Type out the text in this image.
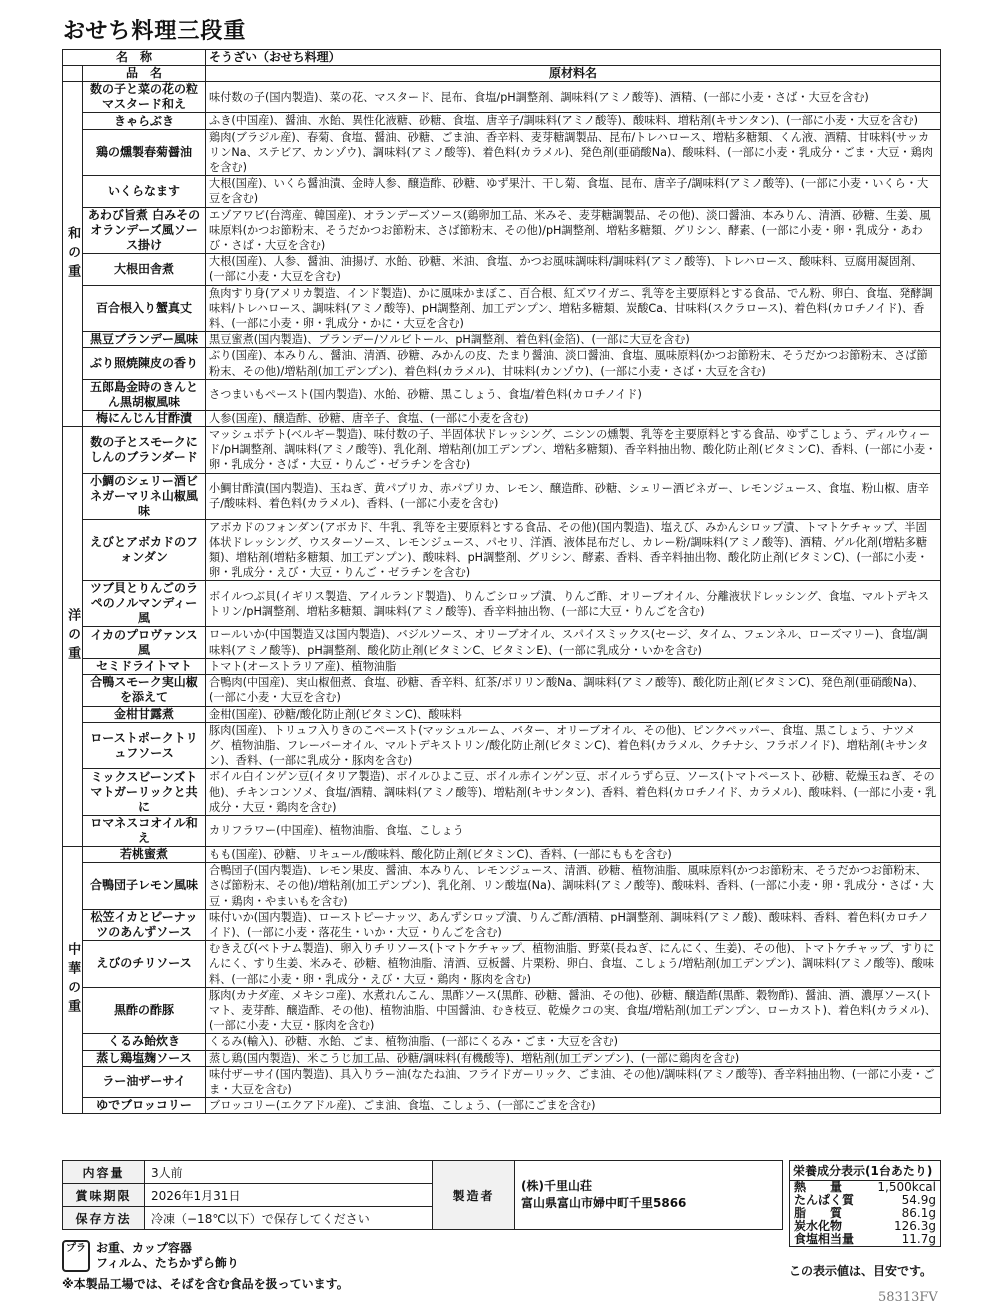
おせち料理三段重
名　称		そうざい（おせち料理）
	品　名	原材料名

和の重	数の子と菜の花の粒マスタード和え	味付数の子(国内製造)、菜の花、マスタード、昆布、食塩/pH調整剤、調味料(アミノ酸等)、酒精、(一部に小麦・さば・大豆を含む)
	きゃらぶき	ふき(中国産)、醤油、水飴、異性化液糖、砂糖、食塩、唐辛子/調味料(アミノ酸等)、酸味料、増粘剤(キサンタン)、(一部に小麦・大豆を含む)
	鶏の燻製春菊醤油	鶏肉(ブラジル産)、春菊、食塩、醤油、砂糖、ごま油、香辛料、麦芽糖調製品、昆布/トレハロース、増粘多糖類、くん液、酒精、甘味料(サッカリンNa、ステビア、カンゾウ)、調味料(アミノ酸等)、着色料(カラメル)、発色剤(亜硝酸Na)、酸味料、(一部に小麦・乳成分・ごま・大豆・鶏肉を含む)
	いくらなます	大根(国産)、いくら醤油漬、金時人参、醸造酢、砂糖、ゆず果汁、干し菊、食塩、昆布、唐辛子/調味料(アミノ酸等)、(一部に小麦・いくら・大豆を含む)
	あわび旨煮 白みそのオランデーズ風ソース掛け	エゾアワビ(台湾産、韓国産)、オランデーズソース(鶏卵加工品、米みそ、麦芽糖調製品、その他)、淡口醤油、本みりん、清酒、砂糖、生姜、風味原料(かつお節粉末、そうだかつお節粉末、さば節粉末、その他)/pH調整剤、増粘多糖類、グリシン、酵素、(一部に小麦・卵・乳成分・あわび・さば・大豆を含む)
	大根田舎煮	大根(国産)、人参、醤油、油揚げ、水飴、砂糖、米油、食塩、かつお風味調味料/調味料(アミノ酸等)、トレハロース、酸味料、豆腐用凝固剤、(一部に小麦・大豆を含む)
	百合根入り蟹真丈	魚肉すり身(アメリカ製造、インド製造)、かに風味かまぼこ、百合根、紅ズワイガニ、乳等を主要原料とする食品、でん粉、卵白、食塩、発酵調味料/トレハロース、調味料(アミノ酸等)、pH調整剤、加工デンプン、増粘多糖類、炭酸Ca、甘味料(スクラロース)、着色料(カロチノイド)、香料、(一部に小麦・卵・乳成分・かに・大豆を含む)
	黒豆ブランデー風味	黒豆蜜煮(国内製造)、ブランデー/ソルビトール、pH調整剤、着色料(金箔)、(一部に大豆を含む)
	ぶり照焼陳皮の香り	ぶり(国産)、本みりん、醤油、清酒、砂糖、みかんの皮、たまり醤油、淡口醤油、食塩、風味原料(かつお節粉末、そうだかつお節粉末、さば節粉末、その他)/増粘剤(加工デンプン)、着色料(カラメル)、甘味料(カンゾウ)、(一部に小麦・さば・大豆を含む)
	五郎島金時のきんとん黒胡椒風味	さつまいもペースト(国内製造)、水飴、砂糖、黒こしょう、食塩/着色料(カロチノイド)
	梅にんじん甘酢漬	人参(国産)、醸造酢、砂糖、唐辛子、食塩、(一部に小麦を含む)

洋の重	数の子とスモークにしんのブランダード	マッシュポテト(ベルギー製造)、味付数の子、半固体状ドレッシング、ニシンの燻製、乳等を主要原料とする食品、ゆずこしょう、ディルウィード/pH調整剤、調味料(アミノ酸等)、乳化剤、増粘剤(加工デンプン、増粘多糖類)、香辛料抽出物、酸化防止剤(ビタミンC)、香料、(一部に小麦・卵・乳成分・さば・大豆・りんご・ゼラチンを含む)
	小鯛のシェリー酒ビネガーマリネ山椒風味	小鯛甘酢漬(国内製造)、玉ねぎ、黄パプリカ、赤パプリカ、レモン、醸造酢、砂糖、シェリー酒ビネガー、レモンジュース、食塩、粉山椒、唐辛子/酸味料、着色料(カラメル)、香料、(一部に小麦を含む)
	えびとアボカドのフォンダン	アボカドのフォンダン(アボカド、牛乳、乳等を主要原料とする食品、その他)(国内製造)、塩えび、みかんシロップ漬、トマトケチャップ、半固体状ドレッシング、ウスターソース、レモンジュース、パセリ、洋酒、液体昆布だし、カレー粉/調味料(アミノ酸等)、酒精、ゲル化剤(増粘多糖類)、増粘剤(増粘多糖類、加工デンプン)、酸味料、pH調整剤、グリシン、酵素、香料、香辛料抽出物、酸化防止剤(ビタミンC)、(一部に小麦・卵・乳成分・えび・大豆・りんご・ゼラチンを含む)
	ツブ貝とりんごのラペのノルマンディー風	ボイルつぶ貝(イギリス製造、アイルランド製造)、りんごシロップ漬、りんご酢、オリーブオイル、分離液状ドレッシング、食塩、マルトデキストリン/pH調整剤、増粘多糖類、調味料(アミノ酸等)、香辛料抽出物、(一部に大豆・りんごを含む)
	イカのプロヴァンス風	ロールいか(中国製造又は国内製造)、バジルソース、オリーブオイル、スパイスミックス(セージ、タイム、フェンネル、ローズマリー)、食塩/調味料(アミノ酸等)、pH調整剤、酸化防止剤(ビタミンC、ビタミンE)、(一部に乳成分・いかを含む)
	セミドライトマト	トマト(オーストラリア産)、植物油脂
	合鴨スモーク実山椒を添えて	合鴨肉(中国産)、実山椒佃煮、食塩、砂糖、香辛料、紅茶/ポリリン酸Na、調味料(アミノ酸等)、酸化防止剤(ビタミンC)、発色剤(亜硝酸Na)、(一部に小麦・大豆を含む)
	金柑甘露煮	金柑(国産)、砂糖/酸化防止剤(ビタミンC)、酸味料
	ローストポークトリュフソース	豚肉(国産)、トリュフ入りきのこペースト(マッシュルーム、バター、オリーブオイル、その他)、ピンクペッパー、食塩、黒こしょう、ナツメグ、植物油脂、フレーバーオイル、マルトデキストリン/酸化防止剤(ビタミンC)、着色料(カラメル、クチナシ、フラボノイド)、増粘剤(キサンタン)、香料、(一部に乳成分・豚肉を含む)
	ミックスビーンズトマトガーリックと共に	ボイル白インゲン豆(イタリア製造)、ボイルひよこ豆、ボイル赤インゲン豆、ボイルうずら豆、ソース(トマトペースト、砂糖、乾燥玉ねぎ、その他)、チキンコンソメ、食塩/酒精、調味料(アミノ酸等)、増粘剤(キサンタン)、香料、着色料(カロチノイド、カラメル)、酸味料、(一部に小麦・乳成分・大豆・鶏肉を含む)
	ロマネスコオイル和え	カリフラワー(中国産)、植物油脂、食塩、こしょう

中華の重	若桃蜜煮	もも(国産)、砂糖、リキュール/酸味料、酸化防止剤(ビタミンC)、香料、(一部にももを含む)
	合鴨団子レモン風味	合鴨団子(国内製造)、レモン果皮、醤油、本みりん、レモンジュース、清酒、砂糖、植物油脂、風味原料(かつお節粉末、そうだかつお節粉末、さば節粉末、その他)/増粘剤(加工デンプン)、乳化剤、リン酸塩(Na)、調味料(アミノ酸等)、酸味料、香料、(一部に小麦・卵・乳成分・さば・大豆・鶏肉・やまいもを含む)
	松笠イカとピーナッツのあんずソース	味付いか(国内製造)、ローストピーナッツ、あんずシロップ漬、りんご酢/酒精、pH調整剤、調味料(アミノ酸)、酸味料、香料、着色料(カロチノイド)、(一部に小麦・落花生・いか・大豆・りんごを含む)
	えびのチリソース	むきえび(ベトナム製造)、卵入りチリソース(トマトケチャップ、植物油脂、野菜(長ねぎ、にんにく、生姜)、その他)、トマトケチャップ、すりにんにく、すり生姜、米みそ、砂糖、植物油脂、清酒、豆板醤、片栗粉、卵白、食塩、こしょう/増粘剤(加工デンプン)、調味料(アミノ酸等)、酸味料、(一部に小麦・卵・乳成分・えび・大豆・鶏肉・豚肉を含む)
	黒酢の酢豚	豚肉(カナダ産、メキシコ産)、水煮れんこん、黒酢ソース(黒酢、砂糖、醤油、その他)、砂糖、醸造酢(黒酢、穀物酢)、醤油、酒、濃厚ソース(トマト、麦芽酢、醸造酢、その他)、植物油脂、中国醤油、むき枝豆、乾燥クコの実、食塩/増粘剤(加工デンプン、ローカスト)、着色料(カラメル)、(一部に小麦・大豆・豚肉を含む)
	くるみ飴炊き	くるみ(輸入)、砂糖、水飴、ごま、植物油脂、(一部にくるみ・ごま・大豆を含む)
	蒸し鶏塩麹ソース	蒸し鶏(国内製造)、米こうじ加工品、砂糖/調味料(有機酸等)、増粘剤(加工デンプン)、(一部に鶏肉を含む)
	ラー油ザーサイ	味付ザーサイ(国内製造)、具入りラー油(なたね油、フライドガーリック、ごま油、その他)/調味料(アミノ酸等)、香辛料抽出物、(一部に小麦・ごま・大豆を含む)
	ゆでブロッコリー	ブロッコリー(エクアドル産)、ごま油、食塩、こしょう、(一部にごまを含む)
内容量	3人前	製造者	(株)千里山荘
富山県富山市婦中町千里5866

賞味期限	2026年1月31日		
保存方法	冷凍（−18℃以下）で保存してください		
栄養成分表示(1台あたり)
熱　　量	1,500kcal
たんぱく質	54.9g
脂　　質	86.1g
炭水化物	126.3g
食塩相当量	11.7g
この表示値は、目安です。
プラ お重、カップ容器
フィルム、たちかずら飾り
※本製品工場では、そばを含む食品を扱っています。
58313FV
